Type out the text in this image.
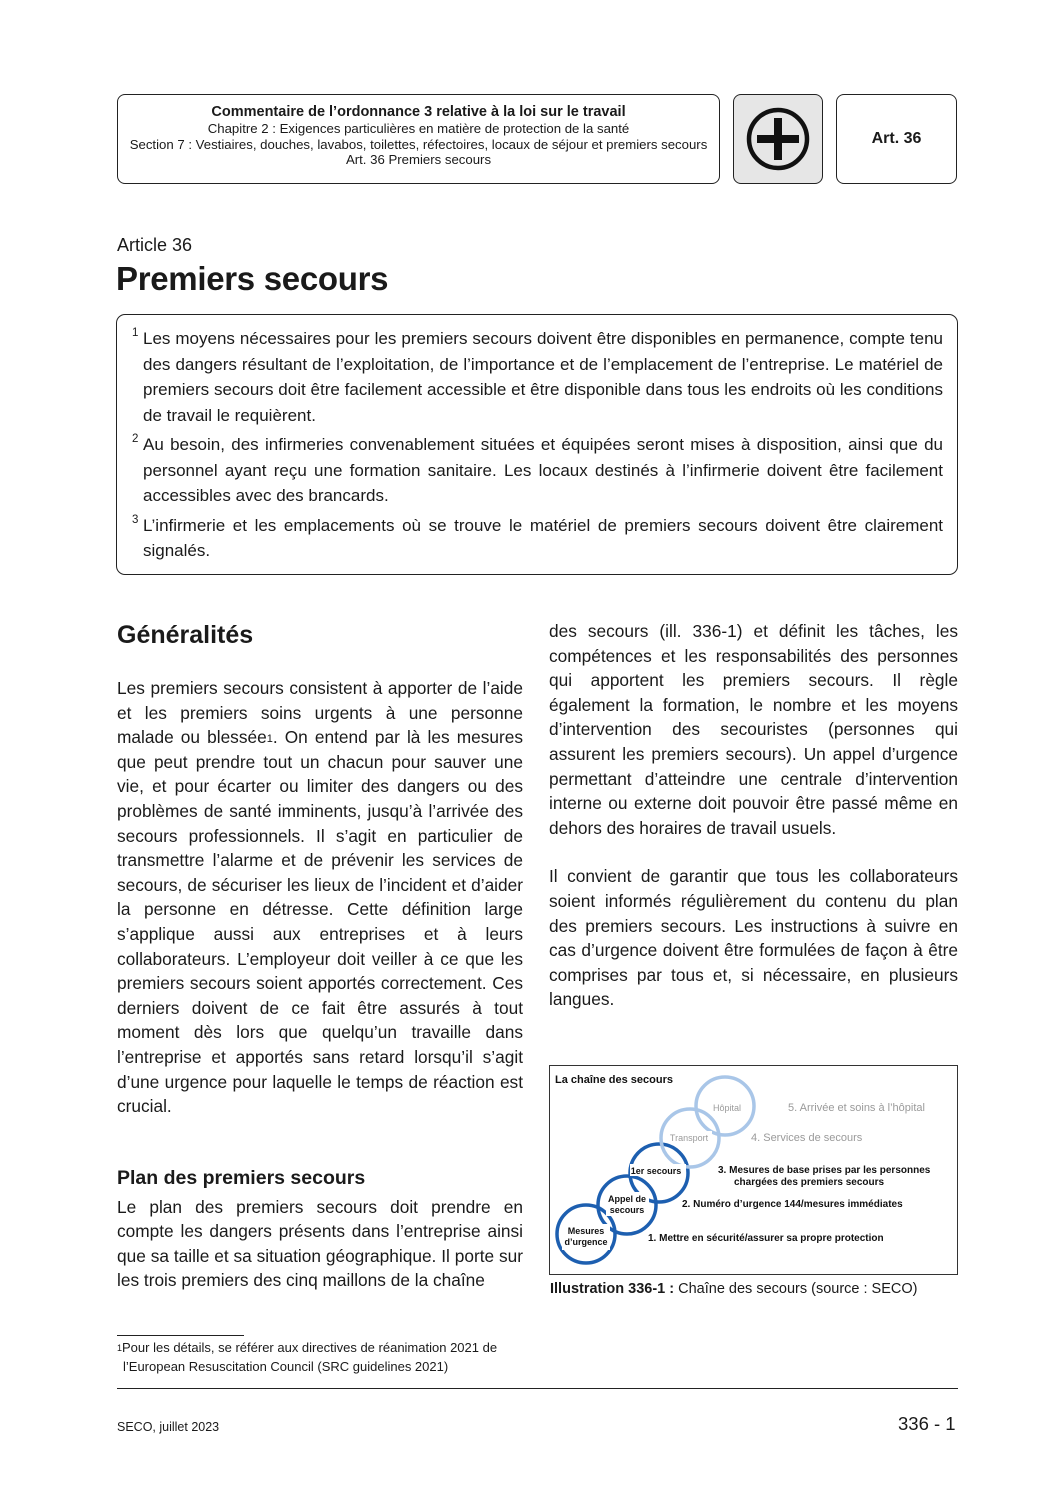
Commentaire de l’ordonnance 3 relative à la loi sur le travail
Chapitre 2 : Exigences particulières en matière de protection de la santé
Section 7 : Vestiaires, douches, lavabos, toilettes, réfectoires, locaux de séjour et premiers secours
Art. 36 Premiers secours
Art. 36
Article 36
Premiers secours
1 Les moyens nécessaires pour les premiers secours doivent être disponibles en permanence, compte tenu des dangers résultant de l’exploitation, de l’importance et de l’emplacement de l’entreprise. Le matériel de premiers secours doit être facilement accessible et être disponible dans tous les endroits où les conditions de travail le requièrent.
2 Au besoin, des infirmeries convenablement situées et équipées seront mises à disposition, ainsi que du personnel ayant reçu une formation sanitaire. Les locaux destinés à l’infirmerie doivent être facilement accessibles avec des brancards.
3 L’infirmerie et les emplacements où se trouve le matériel de premiers secours doivent être clairement signalés.
Généralités

Les premiers secours consistent à apporter de l’aide et les premiers soins urgents à une personne malade ou blessée$^1$. On entend par là les mesures que peut prendre tout un chacun pour sauver une vie, et pour écarter ou limiter des dangers ou des problèmes de santé imminents, jusqu’à l’arrivée des secours professionnels. Il s’agit en particulier de transmettre l’alarme et de prévenir les services de secours, de sécuriser les lieux de l’incident et d’aider la personne en détresse. Cette définition large s’applique aussi aux entreprises et à leurs collaborateurs. L’employeur doit veiller à ce que les premiers secours soient apportés correctement. Ces derniers doivent de ce fait être assurés à tout moment dès lors que quelqu’un travaille dans l’entreprise et apportés sans retard lorsqu’il s’agit d’une urgence pour laquelle le temps de réaction est crucial.

Plan des premiers secours

Le plan des premiers secours doit prendre en compte les dangers présents dans l’entreprise ainsi que sa taille et sa situation géographique. Il porte sur les trois premiers des cinq maillons de la chaîne

des secours (ill. 336-1) et définit les tâches, les compétences et les responsabilités des personnes qui apportent les premiers secours. Il règle également la formation, le nombre et les moyens d’intervention des secouristes (personnes qui assurent les premiers secours). Un appel d’urgence permettant d’atteindre une centrale d’intervention interne ou externe doit pouvoir être passé même en dehors des horaires de travail usuels.

Il convient de garantir que tous les collaborateurs soient informés régulièrement du contenu du plan des premiers secours. Les instructions à suivre en cas d’urgence doivent être formulées de façon à être comprises par tous et, si nécessaire, en plusieurs langues.

La chaîne des secours
Mesures
d’urgence
Appel de
secours
1er secours
Transport
Hôpital	5. Arrivée et soins à l’hôpital
4. Services de secours
3. Mesures de base prises par les personnes
chargées des premiers secours
2. Numéro d’urgence 144/mesures immédiates
1. Mettre en sécurité/assurer sa propre protection
Illustration 336-1 : Chaîne des secours (source : SECO)
$^1$Pour les détails, se référer aux directives de réanimation 2021 de
l’European Resuscitation Council (SRC guidelines 2021)
SECO, juillet 2023	336 - 1
